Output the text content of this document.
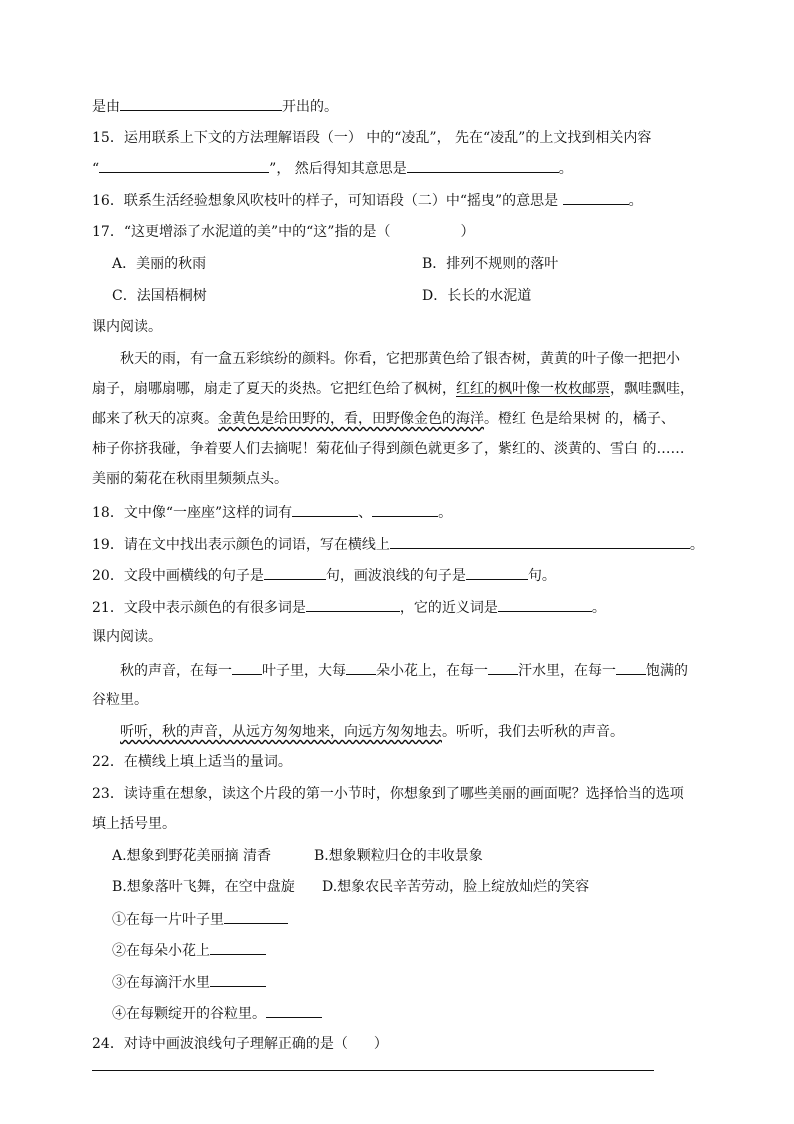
是由	开出的。
15．运用联系上下文的方法理解语段（一） 中的“凌乱”， 先在“凌乱”的上文找到相关内容
“	”， 然后得知其意思是	。
16．联系生活经验想象风吹枝叶的样子，可知语段（二）中“摇曳”的意思是	。
17．“这更增添了水泥道的美”中的“这”指的是（	）
A．美丽的秋雨	B．排列不规则的落叶
C．法国梧桐树	D．长长的水泥道
课内阅读。
秋天的雨，有一盒五彩缤纷的颜料。你看，它把那黄色给了银杏树，黄黄的叶子像一把把小
扇子，扇哪扇哪，扇走了夏天的炎热。它把红色给了枫树，红红的枫叶像一枚枚邮票，飘哇飘哇，
邮来了秋天的凉爽。金黄色是给田野的，看，田野像金色的海洋。橙红 色是给果树 的，橘子、
柿子你挤我碰，争着要人们去摘呢！菊花仙子得到颜色就更多了，紫红的、淡黄的、雪白 的……
美丽的菊花在秋雨里频频点头。
18．文中像“一座座”这样的词有	、	。
19．请在文中找出表示颜色的词语，写在横线上	。
20．文段中画横线的句子是	句，画波浪线的句子是	句。
21．文段中表示颜色的有很多词是	，它的近义词是	。
课内阅读。
秋的声音，在每一 叶子里，大每 朵小花上，在每一 汗水里，在每一 饱满的
谷粒里。
听听，秋的声音，从远方匆匆地来，向远方匆匆地去。听听，我们去听秋的声音。
22．在横线上填上适当的量词。
23．读诗重在想象，读这个片段的第一小节时，你想象到了哪些美丽的画面呢？选择恰当的选项
填上括号里。
A.想象到野花美丽摘 清香	B.想象颗粒归仓的丰收景象
B.想象落叶飞舞，在空中盘旋 D.想象农民辛苦劳动，脸上绽放灿烂的笑容
①在每一片叶子里
②在每朵小花上
③在每滴汗水里
④在每颗绽开的谷粒里。
24．对诗中画波浪线句子理解正确的是（ ）
